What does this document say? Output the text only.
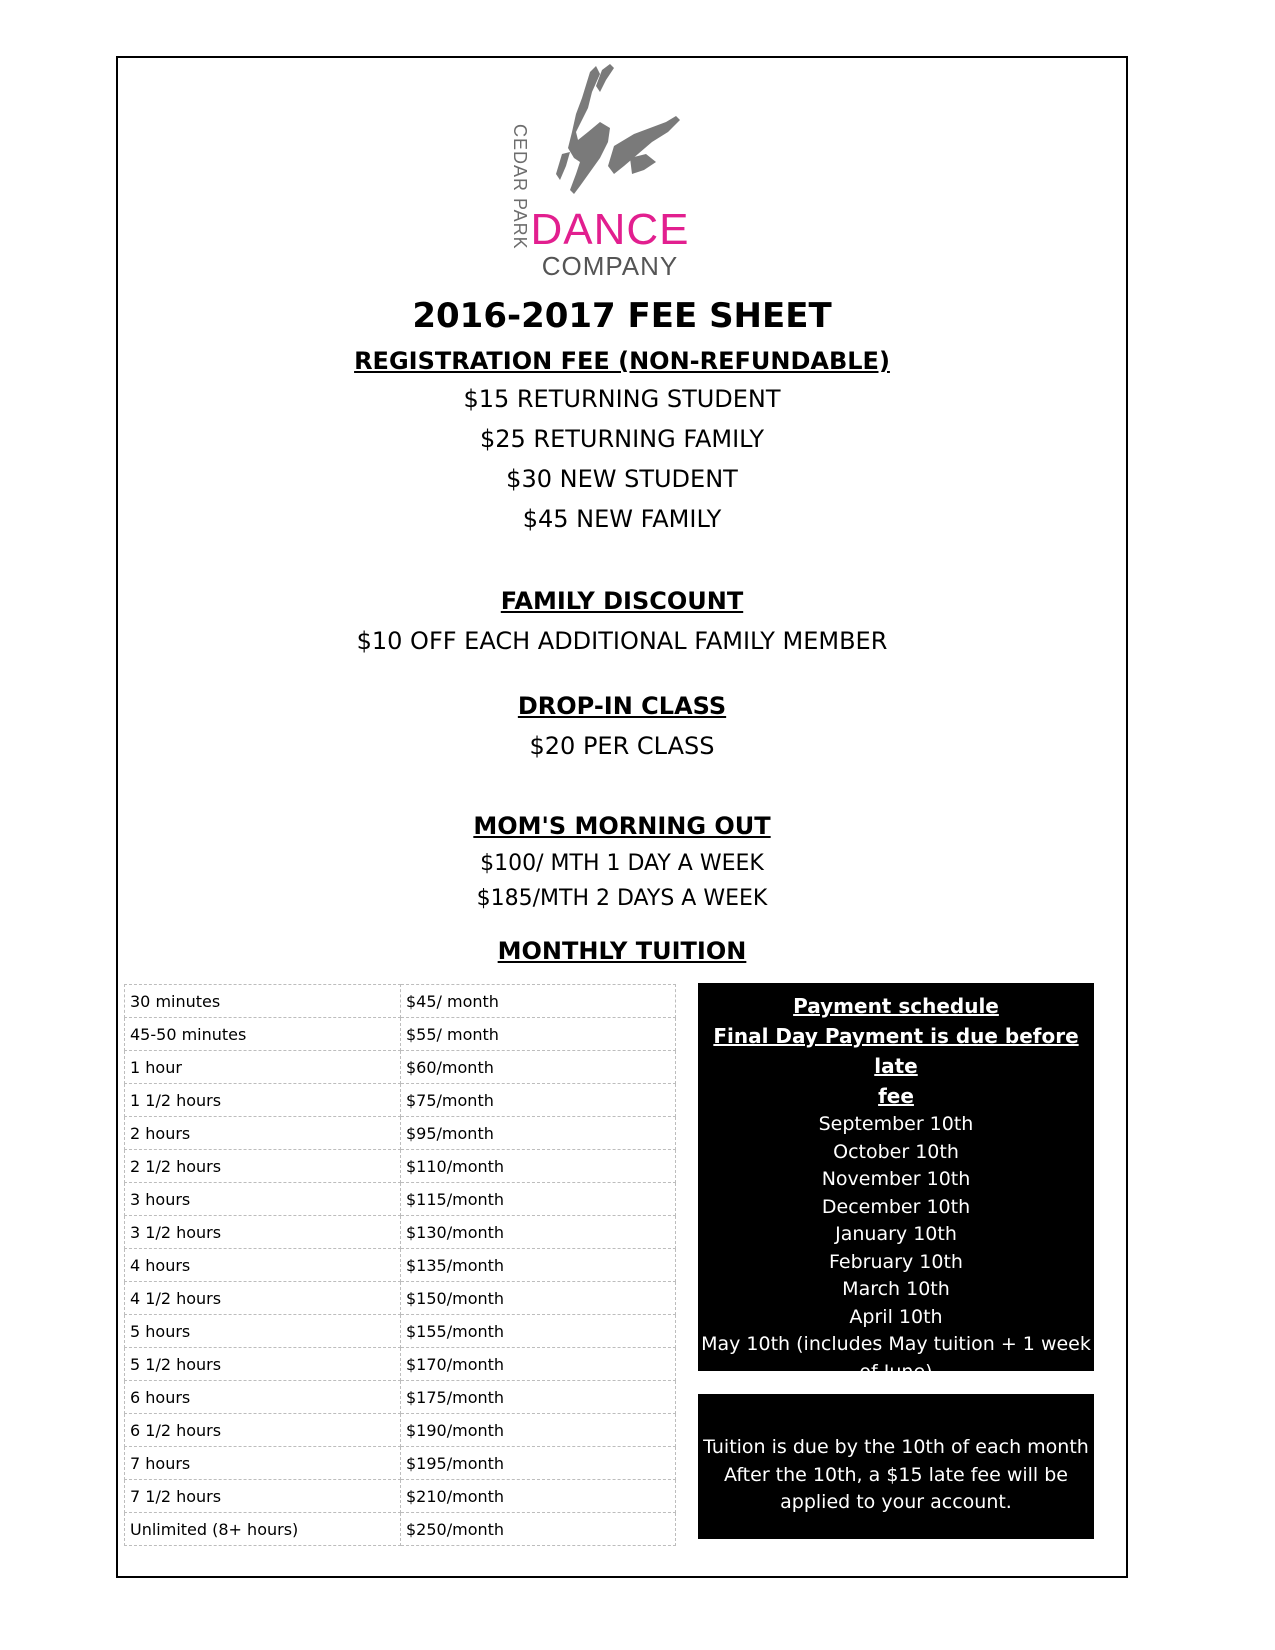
CEDAR PARK DANCE
COMPANY
2016-2017 FEE SHEET
REGISTRATION FEE (NON-REFUNDABLE)
$15 RETURNING STUDENT
$25 RETURNING FAMILY
$30 NEW STUDENT
$45 NEW FAMILY
FAMILY DISCOUNT
$10 OFF EACH ADDITIONAL FAMILY MEMBER
DROP-IN CLASS
$20 PER CLASS
MOM'S MORNING OUT
$100/ MTH 1 DAY A WEEK
$185/MTH 2 DAYS A WEEK
MONTHLY TUITION
30 minutes	$45/ month
45-50 minutes	$55/ month
1 hour	$60/month
1 1/2 hours	$75/month
2 hours	$95/month
2 1/2 hours	$110/month
3 hours	$115/month
3 1/2 hours	$130/month
4 hours	$135/month
4 1/2 hours	$150/month
5 hours	$155/month
5 1/2 hours	$170/month
6 hours	$175/month
6 1/2 hours	$190/month
7 hours	$195/month
7 1/2 hours	$210/month
Unlimited (8+ hours)	$250/month
Payment schedule
Final Day Payment is due before late
fee
September 10th
October 10th
November 10th
December 10th
January 10th
February 10th
March 10th
April 10th
May 10th (includes May tuition + 1 week
of June)
Tuition is due by the 10th of each month
After the 10th, a $15 late fee will be
applied to your account.
